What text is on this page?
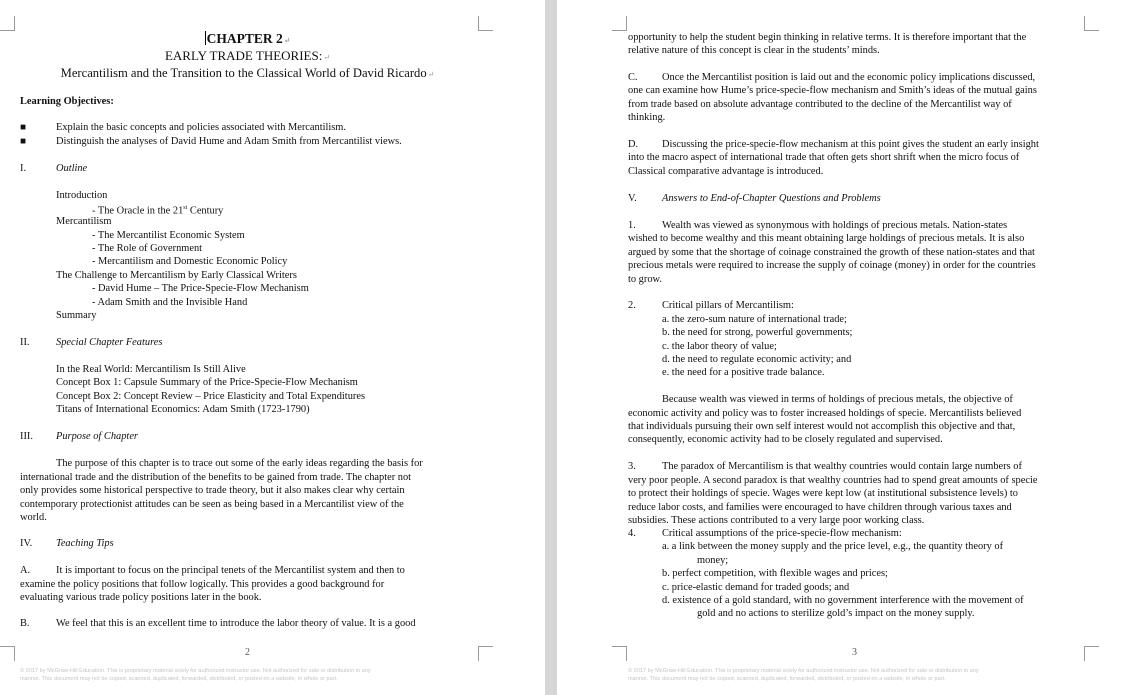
CHAPTER 2↵
EARLY TRADE THEORIES:↵
Mercantilism and the Transition to the Classical World of David Ricardo↵
Learning Objectives:
■	Explain the basic concepts and policies associated with Mercantilism.
■	Distinguish the analyses of David Hume and Adam Smith from Mercantilist views.
I.	Outline
Introduction
- The Oracle in the 21st Century
Mercantilism
- The Mercantilist Economic System
- The Role of Government
- Mercantilism and Domestic Economic Policy
The Challenge to Mercantilism by Early Classical Writers
- David Hume – The Price-Specie-Flow Mechanism
- Adam Smith and the Invisible Hand
Summary
II.	Special Chapter Features
In the Real World: Mercantilism Is Still Alive
Concept Box 1: Capsule Summary of the Price-Specie-Flow Mechanism
Concept Box 2: Concept Review – Price Elasticity and Total Expenditures
Titans of International Economics: Adam Smith (1723-1790)
III. Purpose of Chapter
The purpose of this chapter is to trace out some of the early ideas regarding the basis for
international trade and the distribution of the benefits to be gained from trade. The chapter not
only provides some historical perspective to trade theory, but it also makes clear why certain
contemporary protectionist attitudes can be seen as being based in a Mercantilist view of the
world.
IV. Teaching Tips
A. It is important to focus on the principal tenets of the Mercantilist system and then to
examine the policy positions that follow logically. This provides a good background for
evaluating various trade policy positions later in the book.
B.	We feel that this is an excellent time to introduce the labor theory of value. It is a good
2
© 2017 by McGraw-Hill Education. This is proprietary material solely for authorized instructor use. Not authorized for sale or distribution in any
manner. This document may not be copied, scanned, duplicated, forwarded, distributed, or posted on a website, in whole or part.
opportunity to help the student begin thinking in relative terms. It is therefore important that the
relative nature of this concept is clear in the students’ minds.
C. Once the Mercantilist position is laid out and the economic policy implications discussed,
one can examine how Hume’s price-specie-flow mechanism and Smith’s ideas of the mutual gains
from trade based on absolute advantage contributed to the decline of the Mercantilist way of
thinking.
D. Discussing the price-specie-flow mechanism at this point gives the student an early insight
into the macro aspect of international trade that often gets short shrift when the micro focus of
Classical comparative advantage is introduced.
V. Answers to End-of-Chapter Questions and Problems
1.	Wealth was viewed as synonymous with holdings of precious metals. Nation-states
wished to become wealthy and this meant obtaining large holdings of precious metals. It is also
argued by some that the shortage of coinage constrained the growth of these nation-states and that
precious metals were required to increase the supply of coinage (money) in order for the countries
to grow.
2.	Critical pillars of Mercantilism:
a. the zero-sum nature of international trade;
b. the need for strong, powerful governments;
c. the labor theory of value;
d. the need to regulate economic activity; and
e. the need for a positive trade balance.
Because wealth was viewed in terms of holdings of precious metals, the objective of
economic activity and policy was to foster increased holdings of specie. Mercantilists believed
that individuals pursuing their own self interest would not accomplish this objective and that,
consequently, economic activity had to be closely regulated and supervised.
3.	The paradox of Mercantilism is that wealthy countries would contain large numbers of
very poor people. A second paradox is that wealthy countries had to spend great amounts of specie
to protect their holdings of specie. Wages were kept low (at institutional subsistence levels) to
reduce labor costs, and families were encouraged to have children through various taxes and
subsidies. These actions contributed to a very large poor working class.
4.	Critical assumptions of the price-specie-flow mechanism:
a. a link between the money supply and the price level, e.g., the quantity theory of
money;
b. perfect competition, with flexible wages and prices;
c. price-elastic demand for traded goods; and
d. existence of a gold standard, with no government interference with the movement of
gold and no actions to sterilize gold’s impact on the money supply.
3
© 2017 by McGraw-Hill Education. This is proprietary material solely for authorized instructor use. Not authorized for sale or distribution in any
manner. This document may not be copied, scanned, duplicated, forwarded, distributed, or posted on a website, in whole or part.
